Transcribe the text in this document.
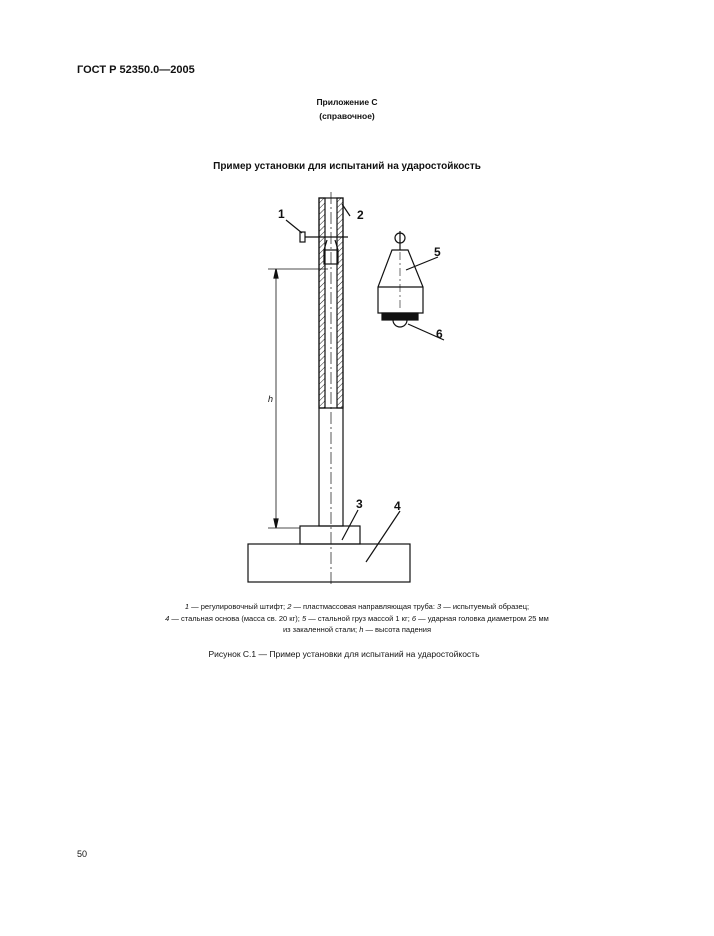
ГОСТ Р 52350.0—2005
Приложение С
(справочное)
Пример установки для испытаний на ударостойкость
1	2
3	4
5
6
h
1 — регулировочный штифт; 2 — пластмассовая направляющая труба: 3 — испытуемый образец;
4 — стальная основа (масса св. 20 кг); 5 — стальной груз массой 1 кг; 6 — ударная головка диаметром 25 мм
из закаленной стали; h — высота падения
Рисунок С.1 — Пример установки для испытаний на ударостойкость
50
